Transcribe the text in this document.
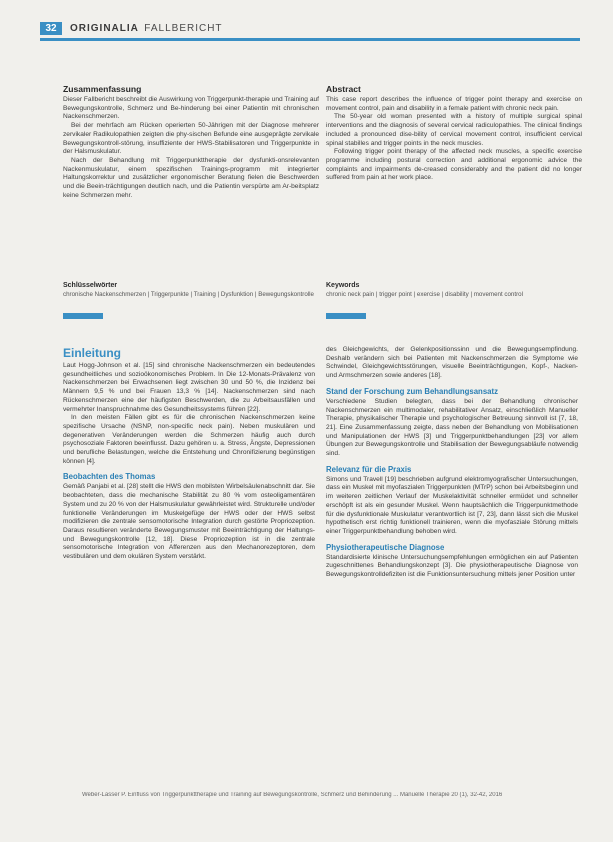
32	ORIGINALIA FALLBERICHT
Zusammenfassung

Dieser Fallbericht beschreibt die Auswirkung von Triggerpunkt-therapie und Training auf Bewegungskontrolle, Schmerz und Be-hinderung bei einer Patientin mit chronischen Nackenschmerzen.

Bei der mehrfach am Rücken operierten 50-Jährigen mit der Diagnose mehrerer zervikaler Radikulopathien zeigten die phy-sischen Befunde eine ausgeprägte zervikale Bewegungskontroll-störung, insuffiziente der HWS-Stabilisatoren und Triggerpunkte in der Halsmuskulatur.

Nach der Behandlung mit Triggerpunkttherapie der dysfunkti-onsrelevanten Nackenmuskulatur, einem spezifischen Trainings-programm mit integrierter Haltungskorrektur und zusätzlicher ergonomischer Beratung fielen die Beschwerden und die Beein-trächtigungen deutlich nach, und die Patientin verspürte am Ar-beitsplatz keine Schmerzen mehr.

Abstract

This case report describes the influence of trigger point therapy and exercise on movement control, pain and disability in a female patient with chronic neck pain.

The 50-year old woman presented with a history of multiple surgical spinal interventions and the diagnosis of several cervical radiculopathies. The clinical findings included a pronounced dise-bility of cervical movement control, insufficient cervical spinal stabilles and trigger points in the neck muscles.

Following trigger point therapy of the affected neck muscles, a specific exercise programme including postural correction and additional ergonomic advice the complaints and impairments de-creased considerably and the patient did no longer suffered from pain at her work place.

Schlüsselwörter
chronische Nackenschmerzen | Triggerpunkte | Training | Dysfunktion | Bewegungskontrolle
Keywords
chronic neck pain | trigger point | exercise | disability | movement control
Einleitung

Laut Hogg-Johnson et al. [15] sind chronische Nackenschmerzen ein bedeutendes gesundheitliches und sozioökonomisches Problem. In Die 12-Monats-Prävalenz von Nackenschmerzen bei Erwachsenen liegt zwischen 30 und 50 %, die Inzidenz bei Männern 9,5 % und bei Frauen 13,3 % [14]. Nackenschmerzen sind nach Rückenschmerzen eine der häufigsten Beschwerden, die zu Arbeitsausfällen und vermehrter Inanspruchnahme des Gesundheitssystems führen [22].

In den meisten Fällen gibt es für die chronischen Nackenschmerzen keine spezifische Ursache (NSNP, non-specific neck pain). Neben muskulären und degenerativen Veränderungen werden die Schmerzen häufig auch durch psychosoziale Faktoren beeinflusst. Dazu gehören u. a. Stress, Ängste, Depressionen und berufliche Belastungen, welche die Entstehung und Chronifizierung begünstigen können [4].

Beobachten des Thomas

Gemäß Panjabi et al. [28] stellt die HWS den mobilsten Wirbelsäulenabschnitt dar. Sie beobachteten, dass die mechanische Stabilität zu 80 % vom osteoligamentären System und zu 20 % von der Halsmuskulatur gewährleistet wird. Strukturelle und/oder funktionelle Veränderungen im Muskelgefüge der HWS oder der HWS selbst modifizieren die zentrale sensomotorische Integration durch gestörte Propriozeption. Daraus resultieren veränderte Bewegungsmuster mit Beeinträchtigung der Haltungs- und Bewegungskontrolle [12, 18]. Diese Propriozeption ist in die zentrale sensomotorische Integration von Afferenzen aus den Mechanorezeptoren, dem vestibulären und dem okulären System verstärkt.

des Gleichgewichts, der Gelenkpositionssinn und die Bewegungsempfindung. Deshalb verändern sich bei Patienten mit Nackenschmerzen die Symptome wie Schwindel, Gleichgewichtsstörungen, visuelle Beeinträchtigungen, Kopf-, Nacken- und Armschmerzen sowie anderes [18].

Stand der Forschung zum Behandlungsansatz

Verschiedene Studien belegten, dass bei der Behandlung chronischer Nackenschmerzen ein multimodaler, rehabilitativer Ansatz, einschließlich Manueller Therapie, physikalischer Therapie und psychologischer Betreuung sinnvoll ist [7, 18, 21]. Eine Zusammenfassung zeigte, dass neben der Behandlung von Mobilisationen und Manipulationen der HWS [3] und Triggerpunktbehandlungen [23] vor allem Übungen zur Bewegungskontrolle und Stabilisation der Bewegungsabläufe notwendig sind.

Relevanz für die Praxis

Simons und Travell [19] beschrieben aufgrund elektromyografischer Untersuchungen, dass ein Muskel mit myofaszialen Triggerpunkten (MTrP) schon bei Arbeitsbeginn und im weiteren zeitlichen Verlauf der Muskelaktivität schneller ermüdet und schneller erschöpft ist als ein gesunder Muskel. Wenn hauptsächlich die Triggerpunktmethode für die dysfunktionale Muskulatur verantwortlich ist [7, 23], dann lässt sich die Muskel hypothetisch erst richtig funktionell trainieren, wenn die myofasziale Störung mittels einer Triggerpunktbehandlung behoben wird.

Physiotherapeutische Diagnose

Standardisierte klinische Untersuchungsempfehlungen ermöglichen ein auf Patienten zugeschnittenes Behandlungskonzept [3]. Die physiotherapeutische Diagnose von Bewegungskontrolldefiziten ist die Funktionsuntersuchung mittels jener Position unter

Weber-Lasser P. Einfluss von Triggerpunkttherapie und Training auf Bewegungskontrolle, Schmerz und Behinderung ... Manuelle Therapie 20 (1), 32-42, 2016
